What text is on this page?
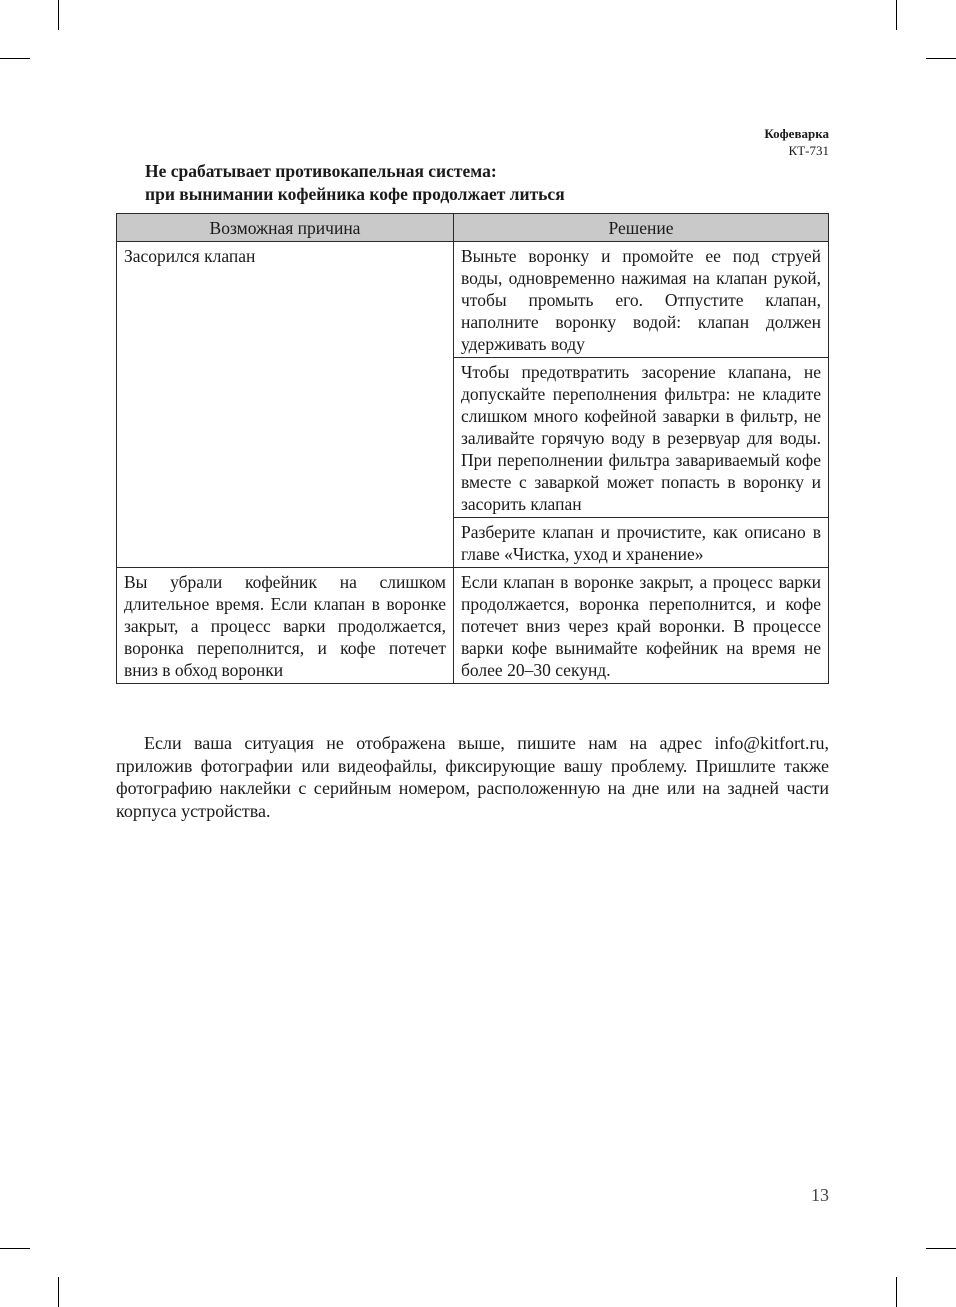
Кофеварка
КТ-731
Не срабатывает противокапельная система:
при вынимании кофейника кофе продолжает литься
Возможная причина	Решение
Засорился клапан	Выньте воронку и промойте ее под струей воды, одновременно нажимая на клапан рукой, чтобы промыть его. Отпустите клапан, наполните воронку водой: клапан должен удерживать воду
	Чтобы предотвратить засорение клапана, не допускайте переполнения фильтра: не кладите слишком много кофейной заварки в фильтр, не заливайте горячую воду в резервуар для воды. При переполнении фильтра завариваемый кофе вместе с заваркой может попасть в воронку и засорить клапан
	Разберите клапан и прочистите, как описано в главе «Чистка, уход и хранение»
Вы убрали кофейник на слишком длительное время. Если клапан в воронке закрыт, а процесс варки продолжается, воронка переполнится, и кофе потечет вниз в обход воронки	Если клапан в воронке закрыт, а процесс варки продолжается, воронка переполнится, и кофе потечет вниз через край воронки. В процессе варки кофе вынимайте кофейник на время не более 20–30 секунд.
Если ваша ситуация не отображена выше, пишите нам на адрес info@kitfort.ru, приложив фотографии или видеофайлы, фиксирующие вашу проблему. Пришлите также фотографию наклейки с серийным номером, расположенную на дне или на задней части корпуса устройства.
13
